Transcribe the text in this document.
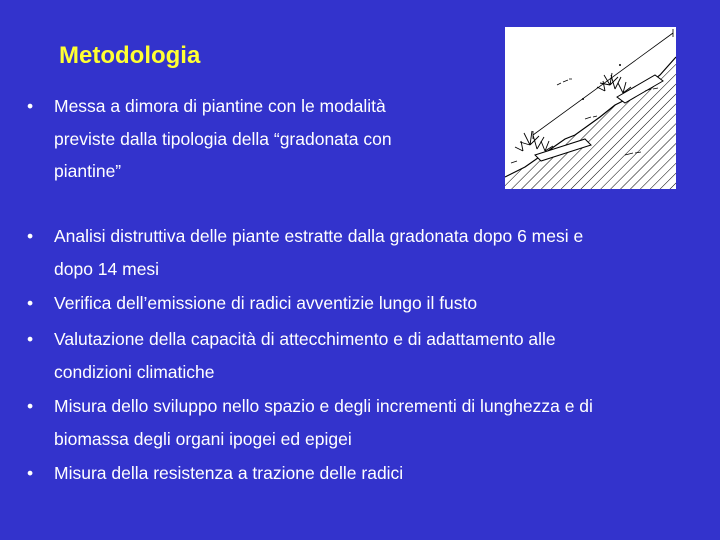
Metodologia
•	Messa a dimora di piantine con le modalità
previste dalla tipologia della “gradonata con
piantine”
•	Analisi distruttiva delle piante estratte dalla gradonata dopo 6 mesi e
dopo 14 mesi
•	Verifica dell’emissione di radici avventizie lungo il fusto
•	Valutazione della capacità di attecchimento e di adattamento alle
condizioni climatiche
•	Misura dello sviluppo nello spazio e degli incrementi di lunghezza e di
biomassa degli organi ipogei ed epigei
•	Misura della resistenza a trazione delle radici
